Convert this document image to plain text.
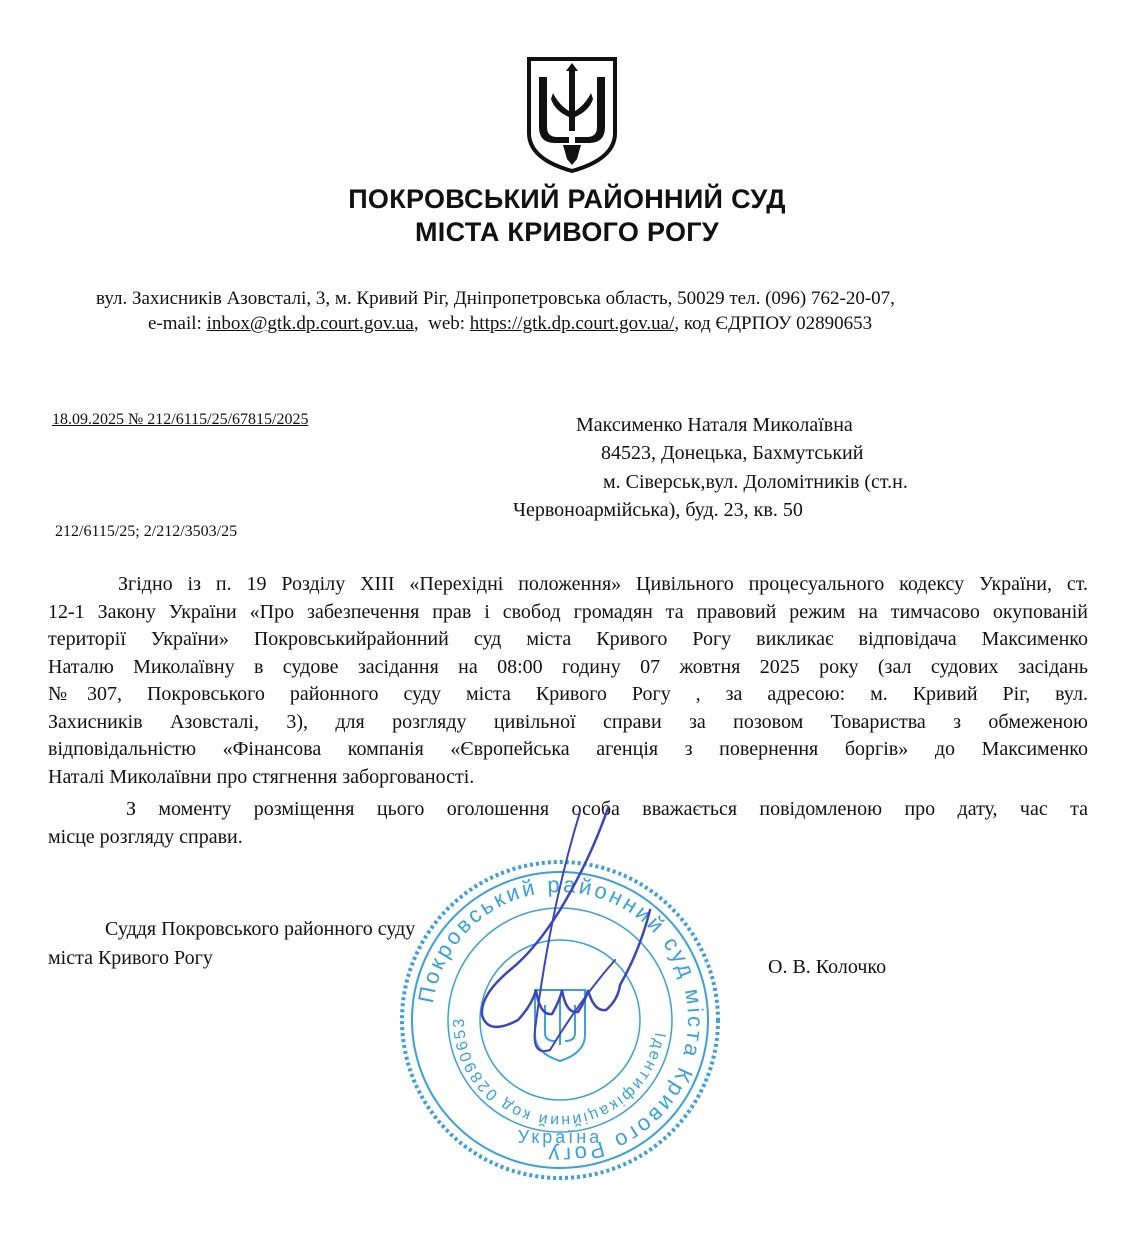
ПОКРОВСЬКИЙ РАЙОННИЙ СУД
МІСТА КРИВОГО РОГУ
вул. Захисників Азовсталі, 3, м. Кривий Ріг, Дніпропетровська область, 50029 тел. (096) 762-20-07,
e-mail: inbox@gtk.dp.court.gov.ua,  web: https://gtk.dp.court.gov.ua/, код ЄДРПОУ 02890653
18.09.2025 № 212/6115/25/67815/2025
212/6115/25; 2/212/3503/25
Максименко Наталя Миколаївна
84523, Донецька, Бахмутський
м. Сіверськ,вул. Доломітників (ст.н.
Червоноармійська), буд. 23, кв. 50
Згідно із п. 19 Розділу ХІІІ «Перехідні положення» Цивільного процесуального кодексу України, ст.
12-1 Закону України «Про забезпечення прав і свобод громадян та правовий режим на тимчасово окупованій
території України» Покровськийрайонний суд міста Кривого Рогу викликає відповідача Максименко
Наталю Миколаївну в судове засідання на 08:00 годину 07 жовтня 2025 року (зал судових засідань
№307, Покровського районного суду міста Кривого Рогу , за адресою: м. Кривий Ріг, вул.
Захисників Азовсталі, 3), для розгляду цивільної справи за позовом Товариства з обмеженою
відповідальністю «Фінансова компанія «Європейська агенція з повернення боргів» до Максименко
Наталі Миколаївни про стягнення заборгованості.
З моменту розміщення цього оголошення особа вважається повідомленою про дату, час та
місце розгляду справи.
Суддя Покровського районного суду
міста Кривого Рогу	О. В. Колочко
Покровський районний суд міста Кривого Рогу
Ідентифікаційний код 02890653
Україна
